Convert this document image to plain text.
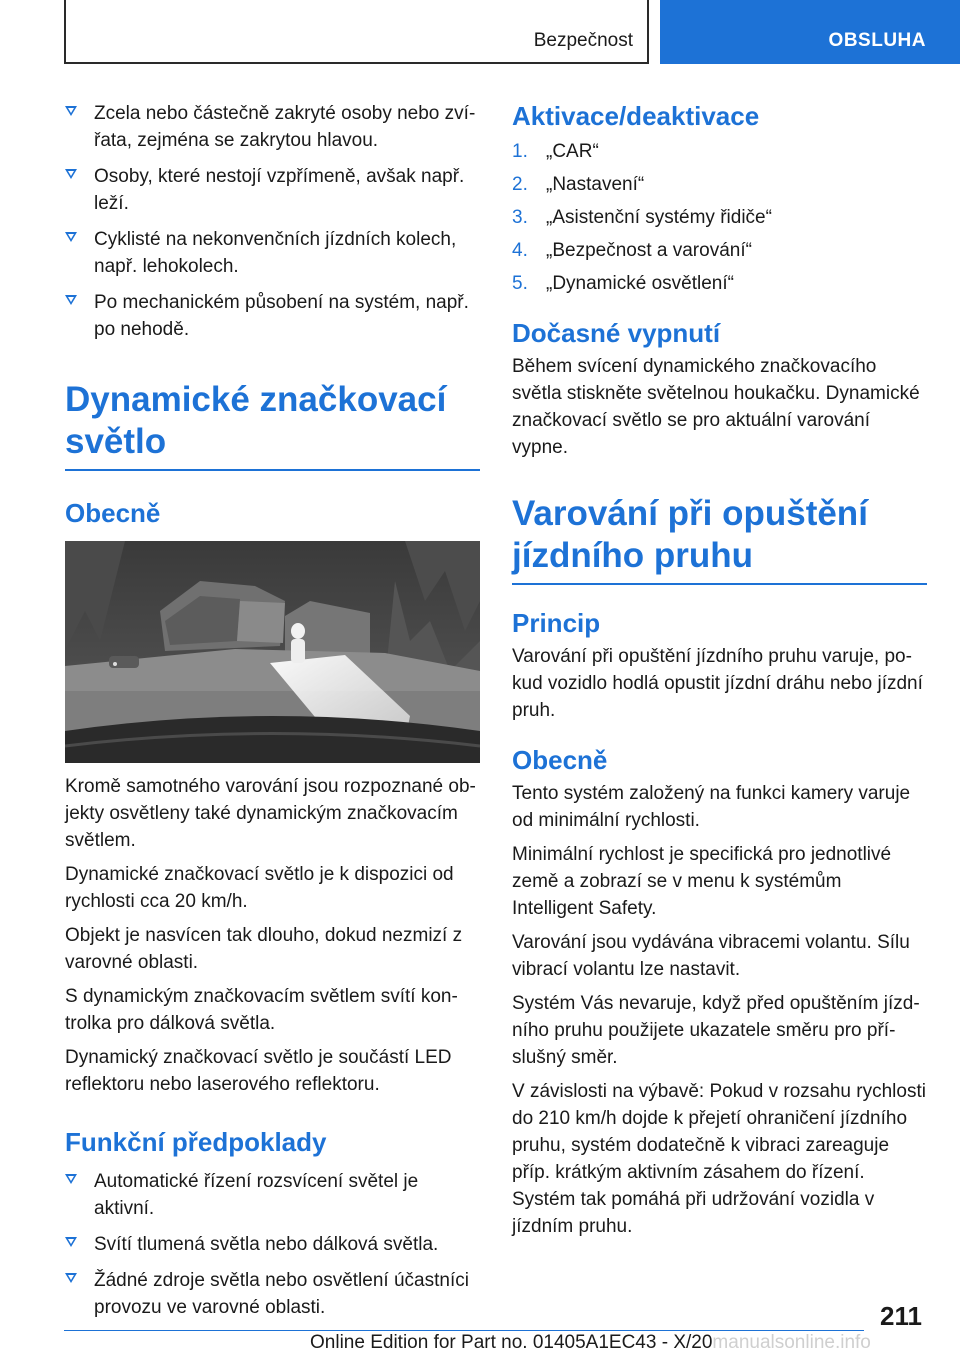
Bezpečnost	OBSLUHA
Zcela nebo částečně zakryté osoby nebo zvířata, zejména se zakrytou hlavou.
Osoby, které nestojí vzpřímeně, avšak např. leží.
Cyklisté na nekonvenčních jízdních kolech, např. lehokolech.
Po mechanickém působení na systém, např. po nehodě.
Dynamické značkovací světlo
Obecně

Kromě samotného varování jsou rozpoznané objekty osvětleny také dynamickým značkovacím světlem.

Dynamické značkovací světlo je k dispozici od rychlosti cca 20 km/h.

Objekt je nasvícen tak dlouho, dokud nezmizí z varovné oblasti.

S dynamickým značkovacím světlem svítí kontrolka pro dálková světla.

Dynamický značkovací světlo je součástí LED reflektoru nebo laserového reflektoru.

Funkční předpoklady
Automatické řízení rozsvícení světel je aktivní.
Svítí tlumená světla nebo dálková světla.
Žádné zdroje světla nebo osvětlení účastníci provozu ve varovné oblasti.
Aktivace/deaktivace
1. „CAR“
2. „Nastavení“
3. „Asistenční systémy řidiče“
4. „Bezpečnost a varování“
5. „Dynamické osvětlení“
Dočasné vypnutí

Během svícení dynamického značkovacího světla stiskněte světelnou houkačku. Dynamické značkovací světlo se pro aktuální varování vypne.

Varování při opuštění jízdního pruhu
Princip

Varování při opuštění jízdního pruhu varuje, pokud vozidlo hodlá opustit jízdní dráhu nebo jízdní pruh.

Obecně

Tento systém založený na funkci kamery varuje od minimální rychlosti.

Minimální rychlost je specifická pro jednotlivé země a zobrazí se v menu k systémům Intelligent Safety.

Varování jsou vydávána vibracemi volantu. Sílu vibrací volantu lze nastavit.

Systém Vás nevaruje, když před opuštěním jízdního pruhu použijete ukazatele směru pro příslušný směr.

V závislosti na výbavě: Pokud v rozsahu rychlosti do 210 km/h dojde k přejetí ohraničení jízdního pruhu, systém dodatečně k vibraci zareaguje příp. krátkým aktivním zásahem do řízení. Systém tak pomáhá při udržování vozidla v jízdním pruhu.

211
Online Edition for Part no. 01405A1EC43 - X/20manualsonline.info
